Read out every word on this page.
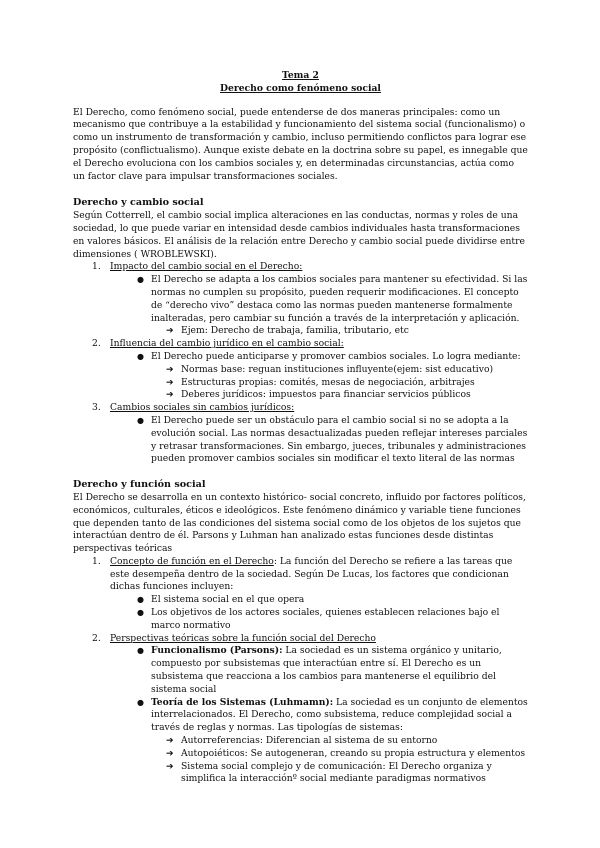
Tema 2
Derecho como fenómeno social

El Derecho, como fenómeno social, puede entenderse de dos maneras principales: como un mecanismo que contribuye a la estabilidad y funcionamiento del sistema social (funcionalismo) o como un instrumento de transformación y cambio, incluso permitiendo conflictos para lograr ese propósito (conflictualismo). Aunque existe debate en la doctrina sobre su papel, es innegable que el Derecho evoluciona con los cambios sociales y, en determinadas circunstancias, actúa como un factor clave para impulsar transformaciones sociales.

Derecho y cambio social

Según Cotterrell, el cambio social implica alteraciones en las conductas, normas y roles de una sociedad, lo que puede variar en intensidad desde cambios individuales hasta transformaciones en valores básicos. El análisis de la relación entre Derecho y cambio social puede dividirse entre dimensiones ( WROBLEWSKI).

1. Impacto del cambio social en el Derecho:
● El Derecho se adapta a los cambios sociales para mantener su efectividad. Si las normas no cumplen su propósito, pueden requerir modificaciones. El concepto de “derecho vivo” destaca como las normas pueden mantenerse formalmente inalteradas, pero cambiar su función a través de la interpretación y aplicación.
➔ Ejem: Derecho de trabaja, familia, tributario, etc
2. Influencia del cambio jurídico en el cambio social:
● El Derecho puede anticiparse y promover cambios sociales. Lo logra mediante:
➔ Normas base: reguan instituciones influyente(ejem: sist educativo)
➔ Estructuras propias: comités, mesas de negociación, arbitrajes
➔ Deberes jurídicos: impuestos para financiar servicios públicos
3. Cambios sociales sin cambios jurídicos:
● El Derecho puede ser un obstáculo para el cambio social si no se adopta a la evolución social. Las normas desactualizadas pueden reflejar intereses parciales y retrasar transformaciones. Sin embargo, jueces, tribunales y administraciones pueden promover cambios sociales sin modificar el texto literal de las normas
Derecho y función social

El Derecho se desarrolla en un contexto histórico- social concreto, influido por factores políticos, económicos, culturales, éticos e ideológicos. Este fenómeno dinámico y variable tiene funciones que dependen tanto de las condiciones del sistema social como de los objetos de los sujetos que interactúan dentro de él. Parsons y Luhman han analizado estas funciones desde distintas perspectivas teóricas

1. Concepto de función en el Derecho: La función del Derecho se refiere a las tareas que este desempeña dentro de la sociedad. Según De Lucas, los factores que condicionan dichas funciones incluyen:
● El sistema social en el que opera
● Los objetivos de los actores sociales, quienes establecen relaciones bajo el marco normativo
2. Perspectivas teóricas sobre la función social del Derecho
● Funcionalismo (Parsons): La sociedad es un sistema orgánico y unitario, compuesto por subsistemas que interactúan entre sí. El Derecho es un subsistema que reacciona a los cambios para mantenerse el equilibrio del sistema social
● Teoría de los Sistemas (Luhmamn): La sociedad es un conjunto de elementos interrelacionados. El Derecho, como subsistema, reduce complejidad social a través de reglas y normas. Las tipologías de sistemas:
➔ Autorreferencias: Diferencian al sistema de su entorno
➔ Autopoiéticos: Se autogeneran, creando su propia estructura y elementos
➔ Sistema social complejo y de comunicación: El Derecho organiza y simplifica la interacciónº social mediante paradigmas normativos
